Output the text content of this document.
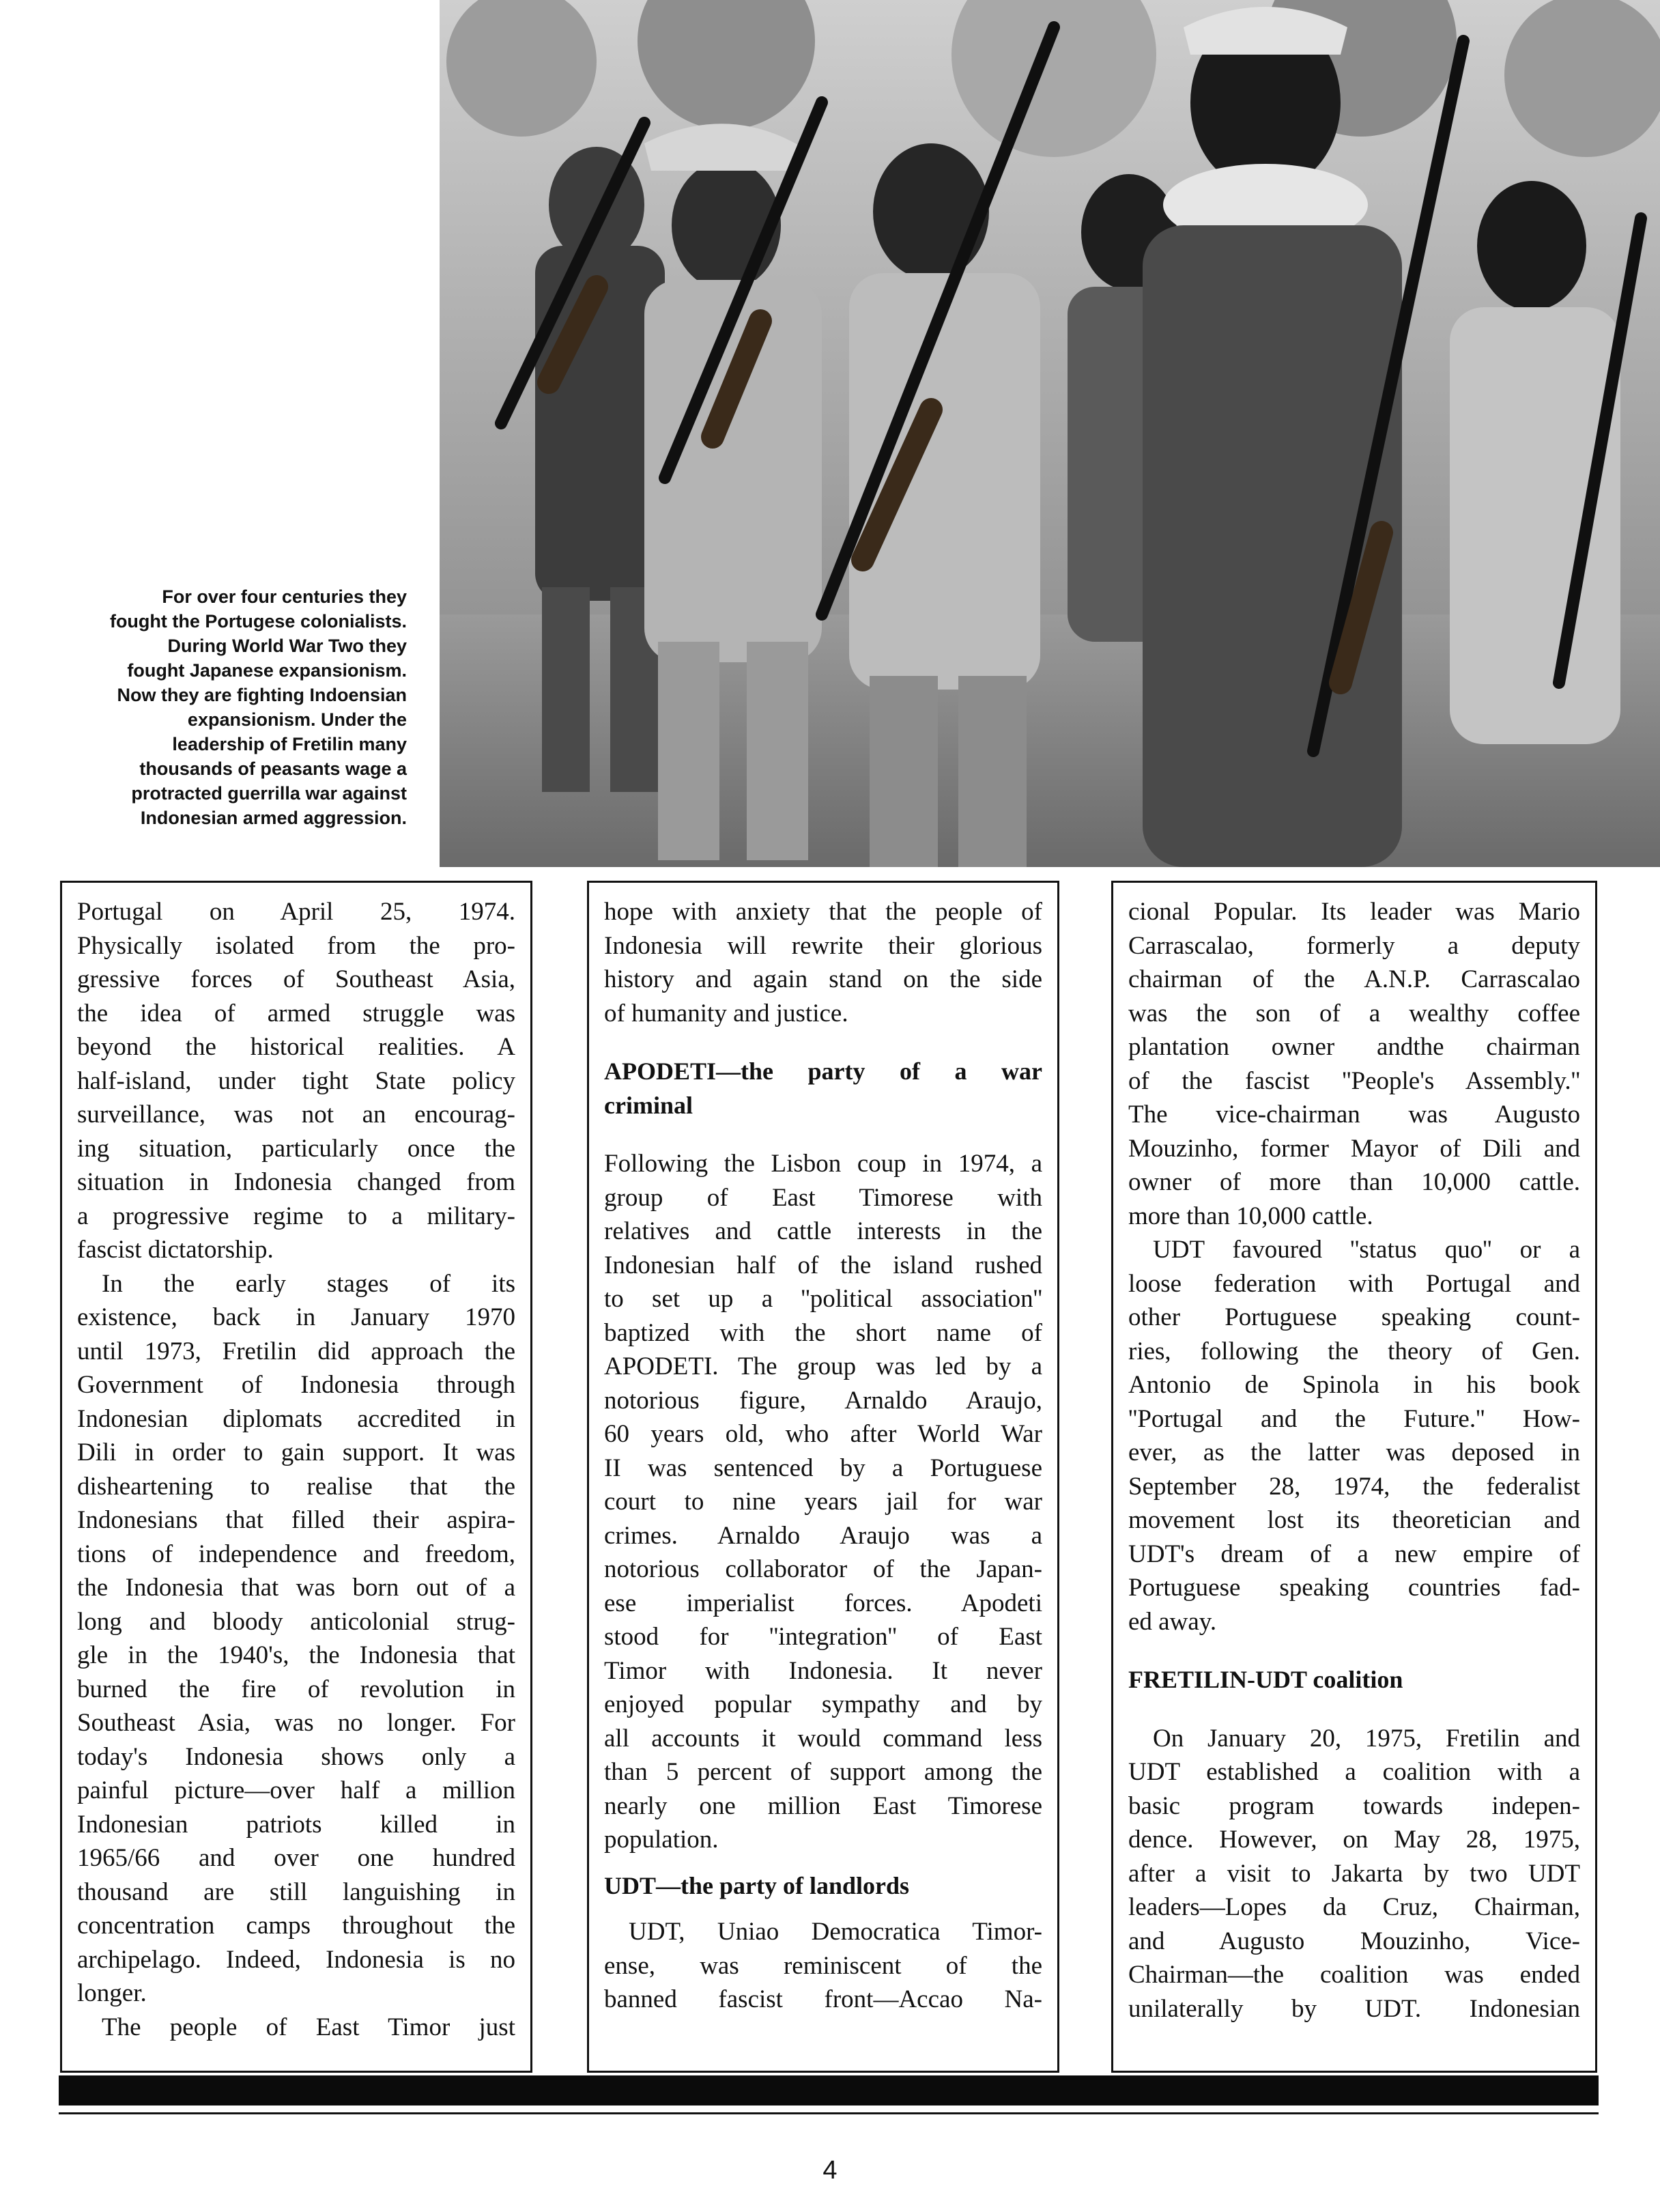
For over four centuries they
fought the Portugese colonialists.
During World War Two they
fought Japanese expansionism.
Now they are fighting Indoensian
expansionism. Under the
leadership of Fretilin many
thousands of peasants wage a
protracted guerrilla war against
Indonesian armed aggression.
Portugal on April 25, 1974.
Physically isolated from the pro-
gressive forces of Southeast Asia,
the idea of armed struggle was
beyond the historical realities. A
half-island, under tight State policy
surveillance, was not an encourag-
ing situation, particularly once the
situation in Indonesia changed from
a progressive regime to a military-
fascist dictatorship.
In the early stages of its
existence, back in January 1970
until 1973, Fretilin did approach the
Government of Indonesia through
Indonesian diplomats accredited in
Dili in order to gain support. It was
disheartening to realise that the
Indonesians that filled their aspira-
tions of independence and freedom,
the Indonesia that was born out of a
long and bloody anticolonial strug-
gle in the 1940's, the Indonesia that
burned the fire of revolution in
Southeast Asia, was no longer. For
today's Indonesia shows only a
painful picture—over half a million
Indonesian patriots killed in
1965/66 and over one hundred
thousand are still languishing in
concentration camps throughout the
archipelago. Indeed, Indonesia is no
longer.
The people of East Timor just
hope with anxiety that the people of
Indonesia will rewrite their glorious
history and again stand on the side
of humanity and justice.
APODETI—the party of a war
criminal
Following the Lisbon coup in 1974, a
group of East Timorese with
relatives and cattle interests in the
Indonesian half of the island rushed
to set up a ''political association''
baptized with the short name of
APODETI. The group was led by a
notorious figure, Arnaldo Araujo,
60 years old, who after World War
II was sentenced by a Portuguese
court to nine years jail for war
crimes. Arnaldo Araujo was a
notorious collaborator of the Japan-
ese imperialist forces. Apodeti
stood for ''integration'' of East
Timor with Indonesia. It never
enjoyed popular sympathy and by
all accounts it would command less
than 5 percent of support among the
nearly one million East Timorese
population.
UDT—the party of landlords
UDT, Uniao Democratica Timor-
ense, was reminiscent of the
banned fascist front—Accao Na-
cional Popular. Its leader was Mario
Carrascalao, formerly a deputy
chairman of the A.N.P. Carrascalao
was the son of a wealthy coffee
plantation owner andthe chairman
of the fascist ''People's Assembly.''
The vice-chairman was Augusto
Mouzinho, former Mayor of Dili and
owner of more than 10,000 cattle.
more than 10,000 cattle.
UDT favoured ''status quo'' or a
loose federation with Portugal and
other Portuguese speaking count-
ries, following the theory of Gen.
Antonio de Spinola in his book
''Portugal and the Future.'' How-
ever, as the latter was deposed in
September 28, 1974, the federalist
movement lost its theoretician and
UDT's dream of a new empire of
Portuguese speaking countries fad-
ed away.
FRETILIN-UDT coalition
On January 20, 1975, Fretilin and
UDT established a coalition with a
basic program towards indepen-
dence. However, on May 28, 1975,
after a visit to Jakarta by two UDT
leaders—Lopes da Cruz, Chairman,
and Augusto Mouzinho, Vice-
Chairman—the coalition was ended
unilaterally by UDT. Indonesian
4
